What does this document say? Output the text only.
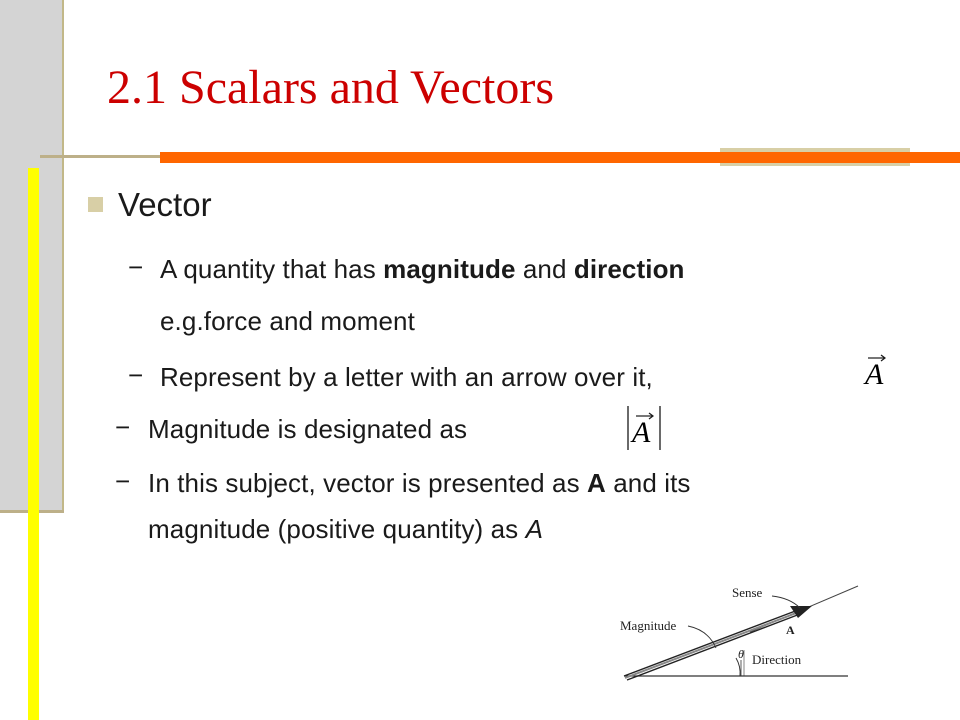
2.1 Scalars and Vectors
Vector
− A quantity that has magnitude and direction
e.g.force and moment
− Represent by a letter with an arrow over it,	A
− Magnitude is designated as	A
− In this subject, vector is presented as A and its
magnitude (positive quantity) as A
Sense
Magnitude	A
θ Direction
